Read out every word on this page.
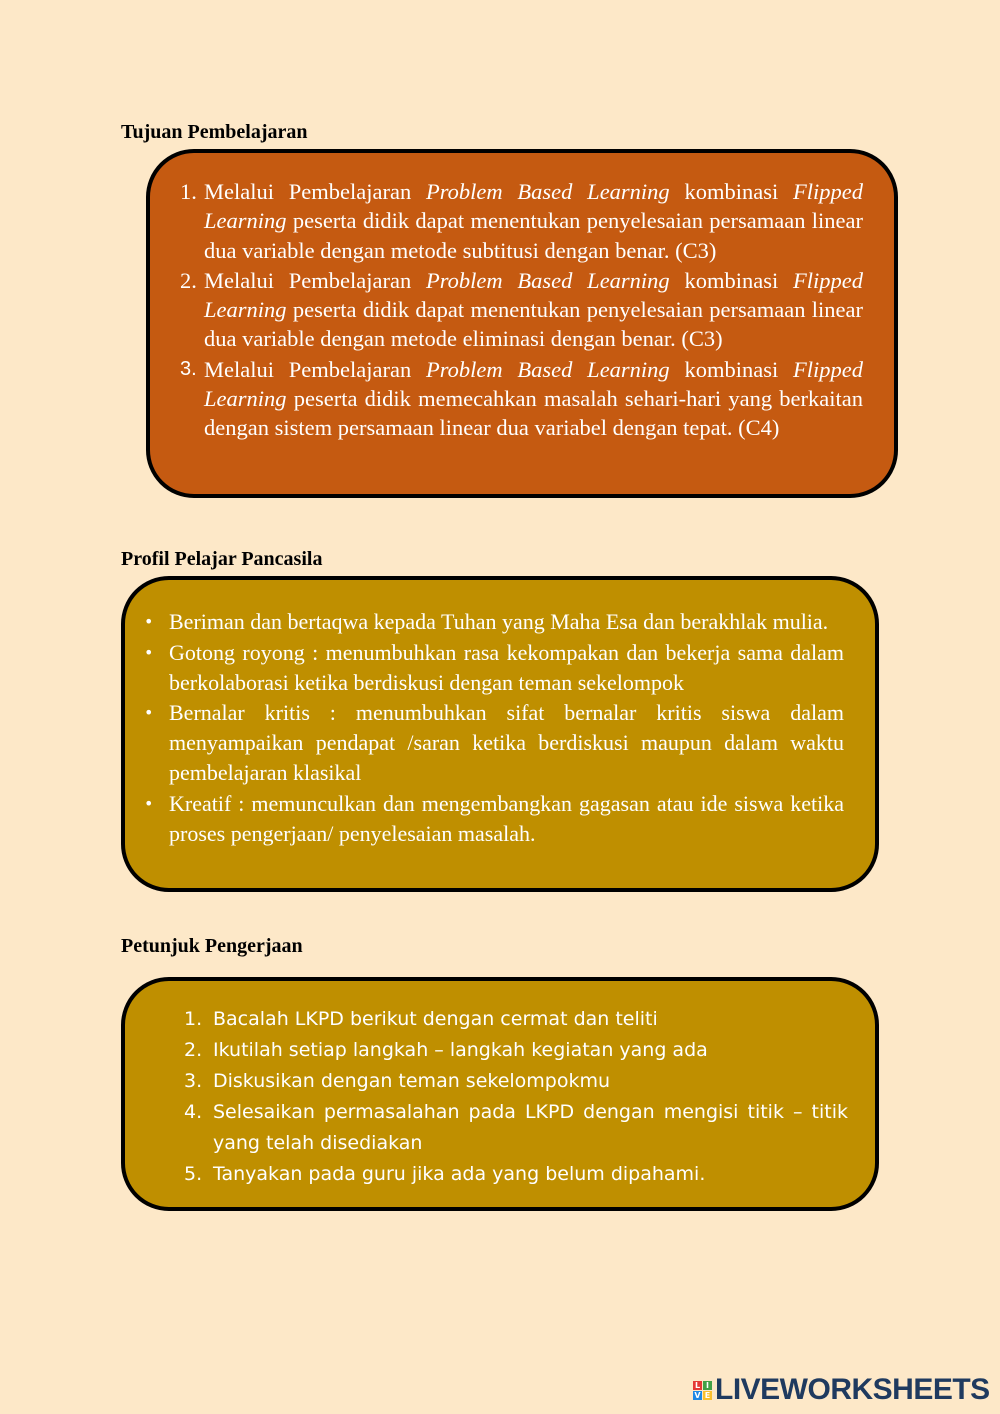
Tujuan Pembelajaran
1. Melalui Pembelajaran Problem Based Learning kombinasi Flipped Learning peserta didik dapat menentukan penyelesaian persamaan linear dua variable dengan metode subtitusi dengan benar. (C3)
2. Melalui Pembelajaran Problem Based Learning kombinasi Flipped Learning peserta didik dapat menentukan penyelesaian persamaan linear dua variable dengan metode eliminasi dengan benar. (C3)
3. Melalui Pembelajaran Problem Based Learning kombinasi Flipped Learning peserta didik memecahkan masalah sehari-hari yang berkaitan dengan sistem persamaan linear dua variabel dengan tepat. (C4)
Profil Pelajar Pancasila
• Beriman dan bertaqwa kepada Tuhan yang Maha Esa dan berakhlak mulia.
• Gotong royong : menumbuhkan rasa kekompakan dan bekerja sama dalam berkolaborasi ketika berdiskusi dengan teman sekelompok
• Bernalar kritis : menumbuhkan sifat bernalar kritis siswa dalam menyampaikan pendapat /saran ketika berdiskusi maupun dalam waktu pembelajaran klasikal
• Kreatif : memunculkan dan mengembangkan gagasan atau ide siswa ketika proses pengerjaan/ penyelesaian masalah.
Petunjuk Pengerjaan
1. Bacalah LKPD berikut dengan cermat dan teliti
2. Ikutilah setiap langkah – langkah kegiatan yang ada
3. Diskusikan dengan teman sekelompokmu
4. Selesaikan permasalahan pada LKPD dengan mengisi titik – titik yang telah disediakan
5. Tanyakan pada guru jika ada yang belum dipahami.
L I
V E LIVEWORKSHEETS
